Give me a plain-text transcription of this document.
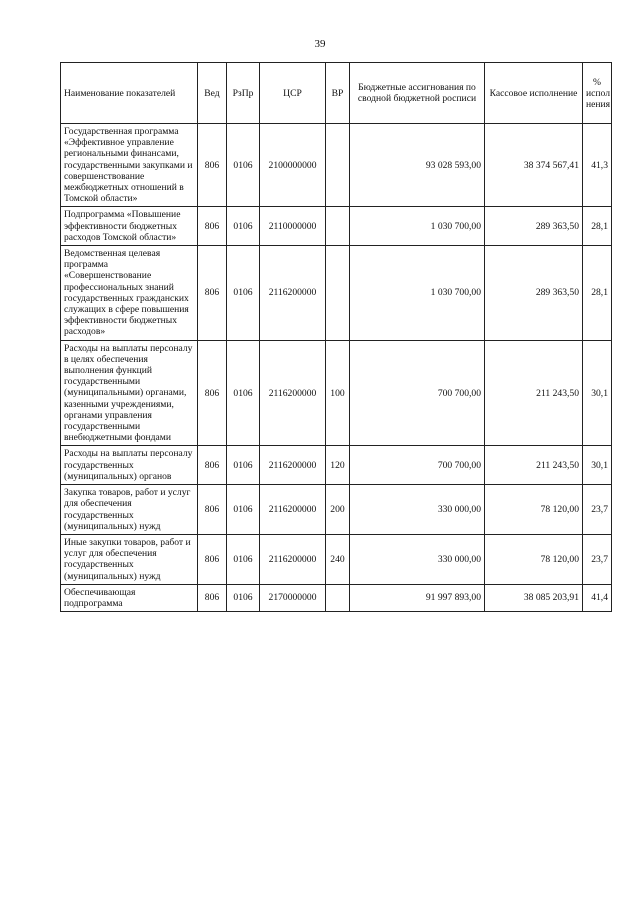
39
Наименование показателей	Вед	РзПр	ЦСР	ВР	Бюджетные ассигнования по сводной бюджетной росписи	Кассовое исполнение	% испол нения
Государственная программа «Эффективное управление региональными финансами, государственными закупками и совершенствование межбюджетных отношений в Томской области»	806	0106	2100000000		93 028 593,00	38 374 567,41	41,3
Подпрограмма «Повышение эффективности бюджетных расходов Томской области»	806	0106	2110000000		1 030 700,00	289 363,50	28,1
Ведомственная целевая программа «Совершенствование профессиональных знаний государственных гражданских служащих в сфере повышения эффективности бюджетных расходов»	806	0106	2116200000		1 030 700,00	289 363,50	28,1
Расходы на выплаты персоналу в целях обеспечения выполнения функций государственными (муниципальными) органами, казенными учреждениями, органами управления государственными внебюджетными фондами	806	0106	2116200000	100	700 700,00	211 243,50	30,1
Расходы на выплаты персоналу государственных (муниципальных) органов	806	0106	2116200000	120	700 700,00	211 243,50	30,1
Закупка товаров, работ и услуг для обеспечения государственных (муниципальных) нужд	806	0106	2116200000	200	330 000,00	78 120,00	23,7
Иные закупки товаров, работ и услуг для обеспечения государственных (муниципальных) нужд	806	0106	2116200000	240	330 000,00	78 120,00	23,7
Обеспечивающая подпрограмма	806	0106	2170000000		91 997 893,00	38 085 203,91	41,4
